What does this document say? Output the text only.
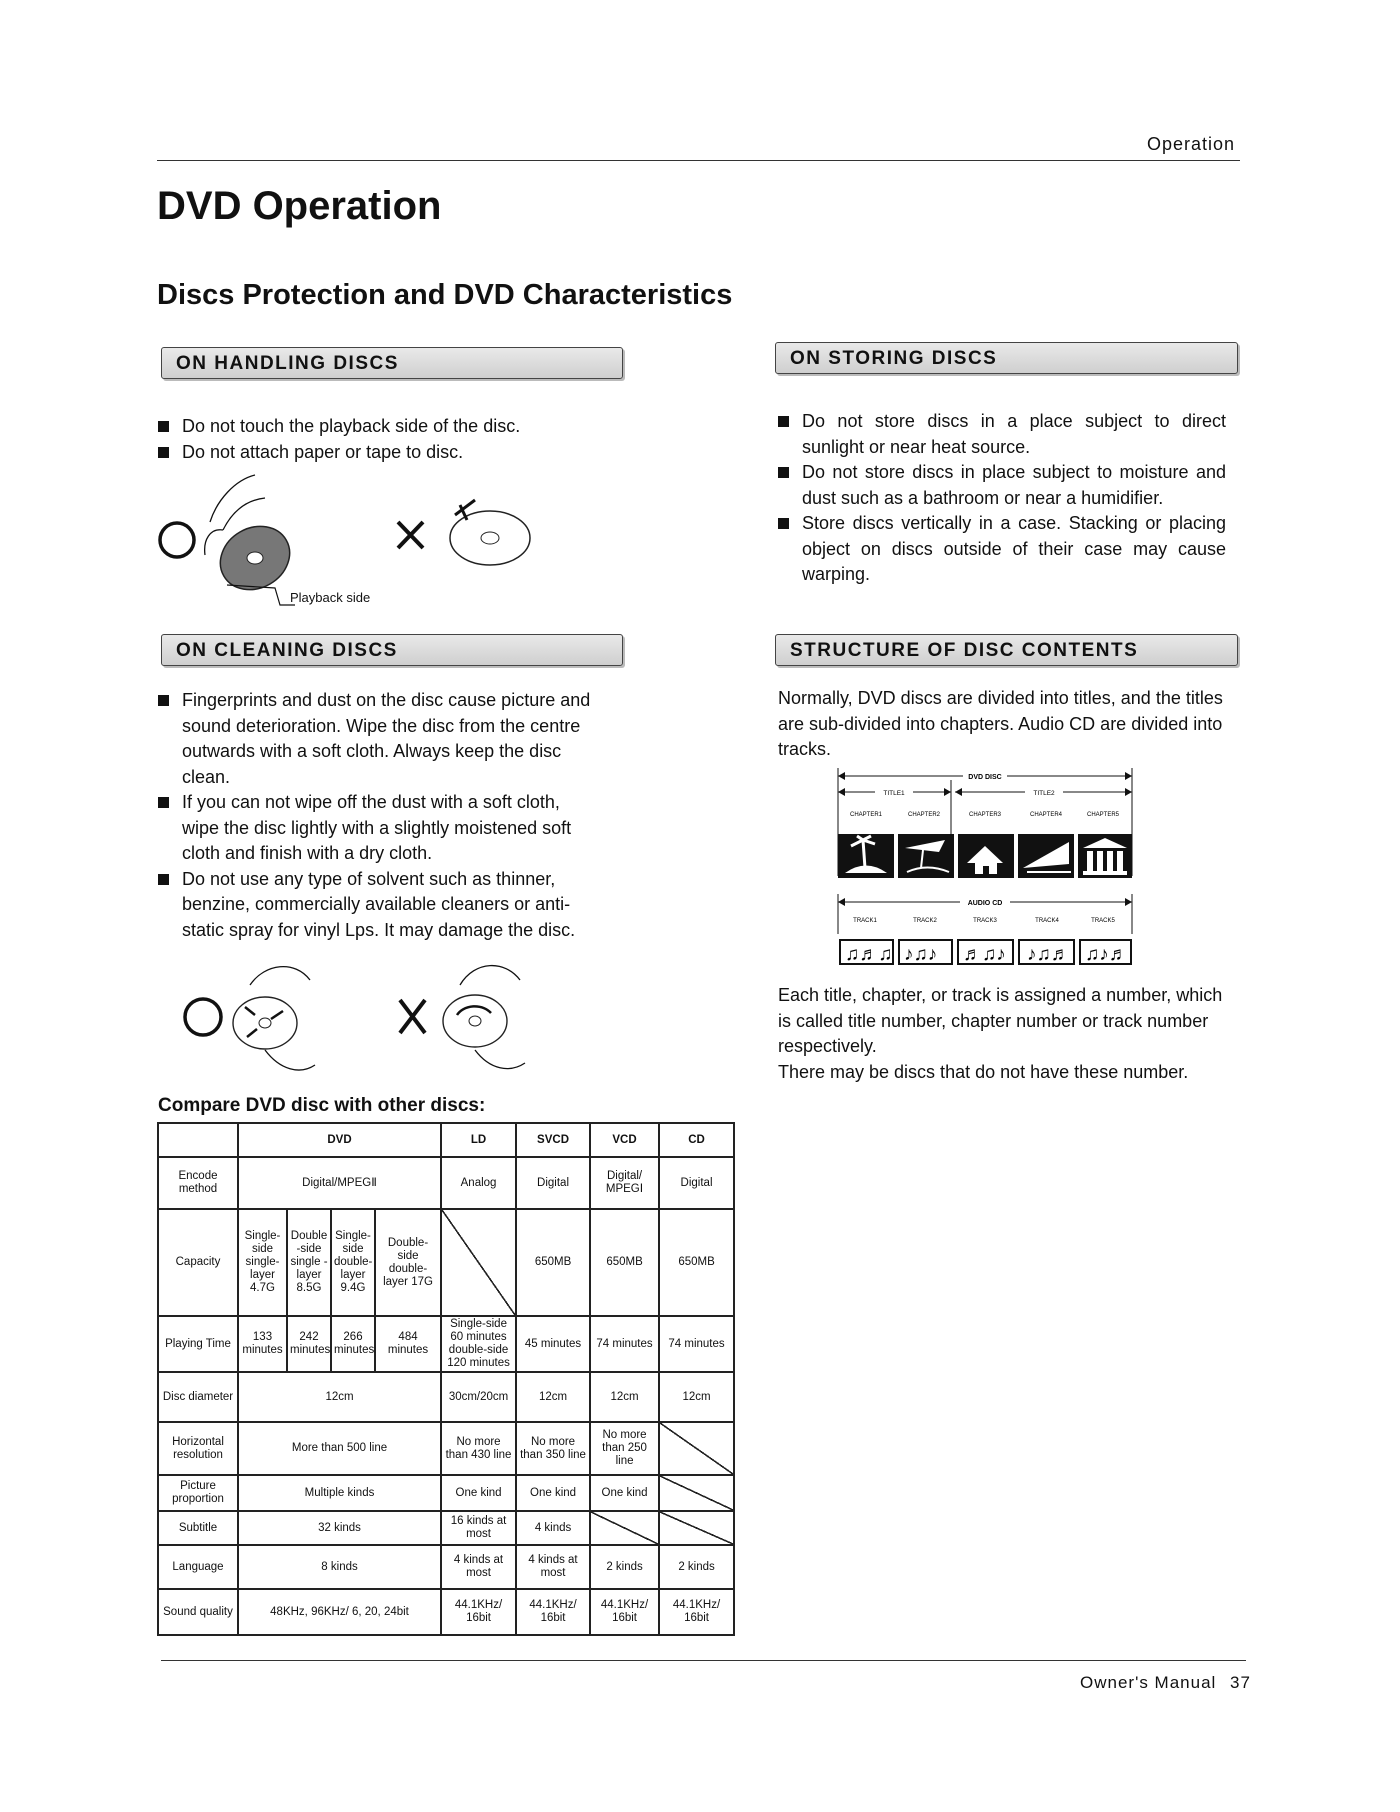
Operation
DVD Operation
Discs Protection and DVD Characteristics
ON HANDLING DISCS
Do not touch the playback side of the disc.
Do not attach paper or tape to disc.
Playback side
ON STORING DISCS
Do not store discs in a place subject to direct sunlight or near heat source.
Do not store discs in place subject to moisture and dust such as a bathroom or near a humidifier.
Store discs vertically in a case. Stacking or placing object on discs outside of their case may cause warping.
ON CLEANING DISCS
Fingerprints and dust on the disc cause picture and sound deterioration. Wipe the disc from the centre outwards with a soft cloth. Always keep the disc clean.
If you can not wipe off the dust with a soft cloth, wipe the disc lightly with a slightly moistened soft cloth and finish with a dry cloth.
Do not use any type of solvent such as thinner, benzine, commercially available cleaners or anti-static spray for vinyl Lps. It may damage the disc.
STRUCTURE OF DISC CONTENTS
Normally, DVD discs are divided into titles, and the titles are sub-divided into chapters. Audio CD are divided into tracks.
DVD DISC
TITLE1	TITLE2
CHAPTER1	CHAPTER2	CHAPTER3	CHAPTER4	CHAPTER5
AUDIO CD
TRACK1	TRACK2	TRACK3	TRACK4	TRACK5
♫♬♫ ♪♫♪ ♬♫♪ ♪♫♬ ♫♪♬
Each title, chapter, or track is assigned a number, which is called title number, chapter number or track number respectively.
There may be discs that do not have these number.
Compare DVD disc with other discs:
	DVD				LD	SVCD	VCD	CD
Encode method	Digital/MPEGⅡ				Analog	Digital	Digital/ MPEGⅠ	Digital
Capacity	Single-side single-layer 4.7G	Double -side single -layer 8.5G	Single-side double-layer 9.4G	Double-side double-layer 17G		650MB	650MB	650MB
Playing Time	133 minutes	242 minutes	266 minutes	484 minutes	Single-side 60 minutes double-side 120 minutes	45 minutes	74 minutes	74 minutes
Disc diameter	12cm				30cm/20cm	12cm	12cm	12cm
Horizontal resolution	More than 500 line				No more than 430 line	No more than 350 line	No more than 250 line	
Picture proportion	Multiple kinds				One kind	One kind	One kind	
Subtitle	32 kinds				16 kinds at most	4 kinds		
Language	8 kinds				4 kinds at most	4 kinds at most	2 kinds	2 kinds
Sound quality	48KHz, 96KHz/ 6, 20, 24bit				44.1KHz/ 16bit	44.1KHz/ 16bit	44.1KHz/ 16bit	44.1KHz/ 16bit
Owner's Manual 37
